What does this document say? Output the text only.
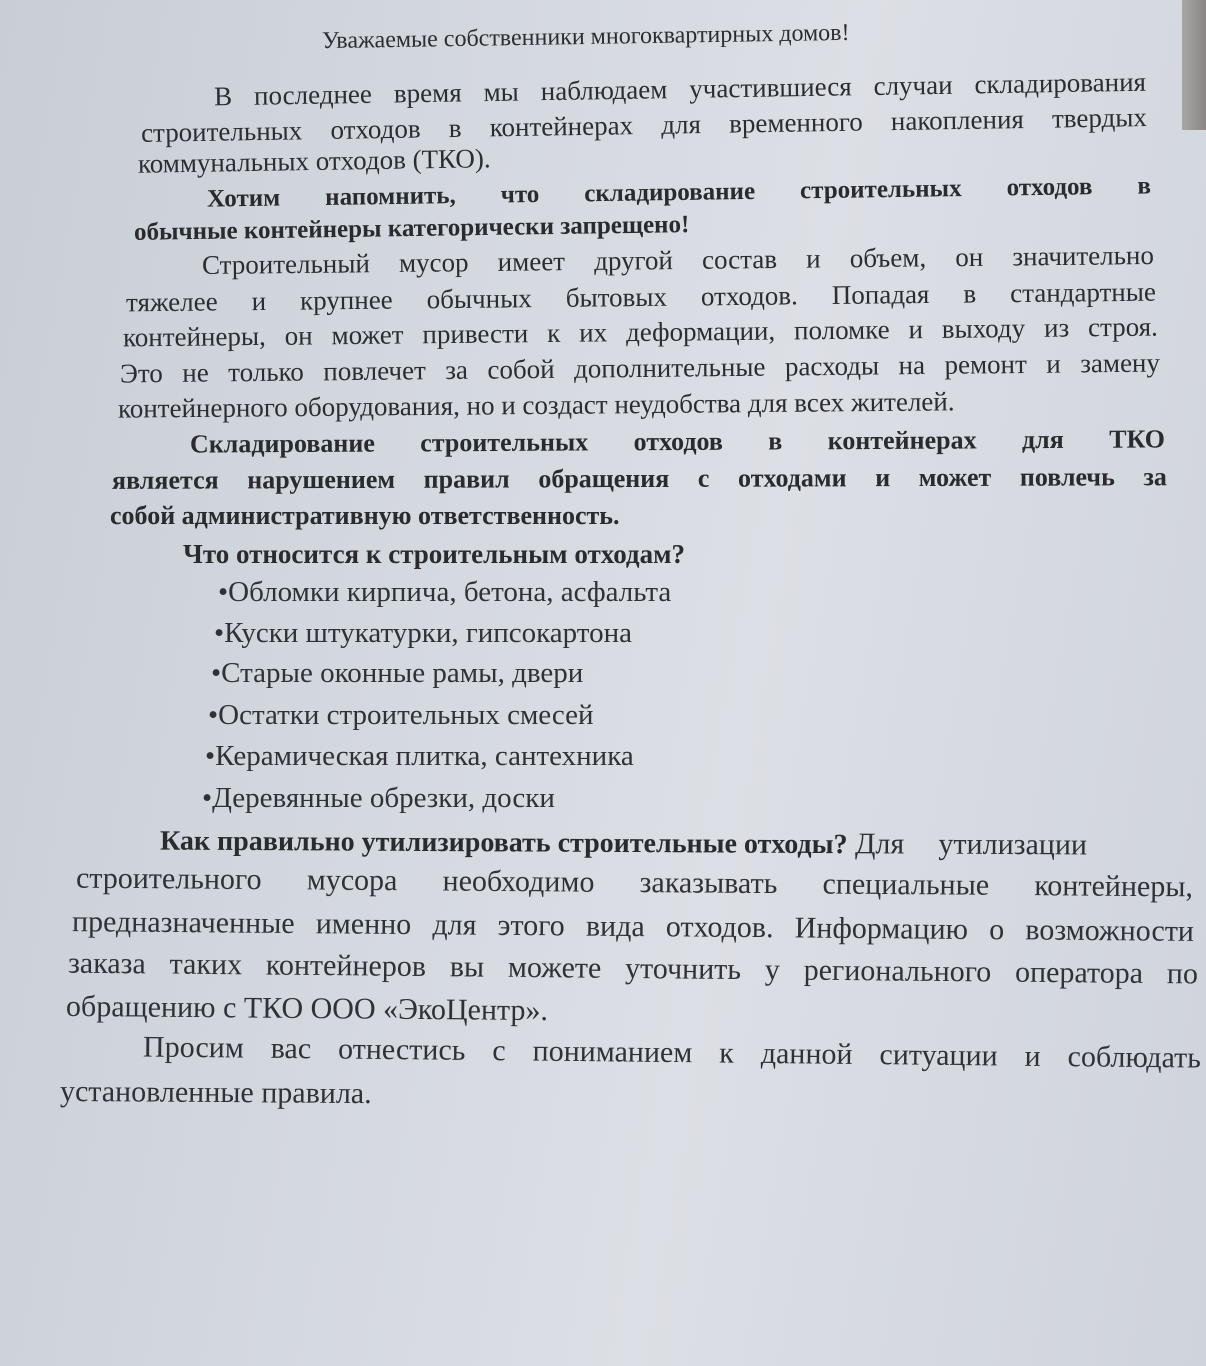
Уважаемые собственники многоквартирных домов!
В последнее время мы наблюдаем участившиеся случаи складирования
строительных отходов в контейнерах для временного накопления твердых
коммунальных отходов (ТКО).
Хотим напомнить, что складирование строительных отходов в
обычные контейнеры категорически запрещено!
Строительный мусор имеет другой состав и объем, он значительно
тяжелее и крупнее обычных бытовых отходов. Попадая в стандартные
контейнеры, он может привести к их деформации, поломке и выходу из строя.
Это не только повлечет за собой дополнительные расходы на ремонт и замену
контейнерного оборудования, но и создаст неудобства для всех жителей.
Складирование строительных отходов в контейнерах для ТКО
является нарушением правил обращения с отходами и может повлечь за
собой административную ответственность.
Что относится к строительным отходам?
•Обломки кирпича, бетона, асфальта
•Куски штукатурки, гипсокартона
•Старые оконные рамы, двери
•Остатки строительных смесей
•Керамическая плитка, сантехника
•Деревянные обрезки, доски
Как правильно утилизировать строительные отходы? Для утилизации
строительного мусора необходимо заказывать специальные контейнеры,
предназначенные именно для этого вида отходов. Информацию о возможности
заказа таких контейнеров вы можете уточнить у регионального оператора по
обращению с ТКО ООО «ЭкоЦентр».
Просим вас отнестись с пониманием к данной ситуации и соблюдать
установленные правила.
